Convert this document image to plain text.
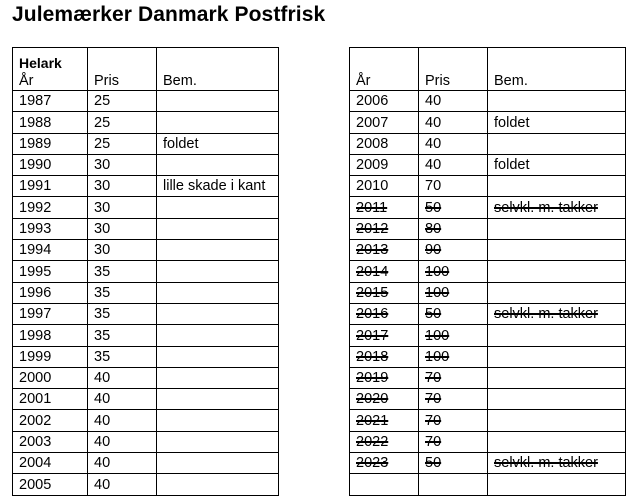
Julemærker Danmark Postfrisk
Helark
År	Pris	Bem.
1987	25	
1988	25	
1989	25	foldet
1990	30	
1991	30	lille skade i kant
1992	30	
1993	30	
1994	30	
1995	35	
1996	35	
1997	35	
1998	35	
1999	35	
2000	40	
2001	40	
2002	40	
2003	40	
2004	40	
2005	40	
År	Pris	Bem.
2006	40	
2007	40	foldet
2008	40	
2009	40	foldet
2010	70	
2011	50	selvkl. m. takker
2012	80	
2013	90	
2014	100	
2015	100	
2016	50	selvkl. m. takker
2017	100	
2018	100	
2019	70	
2020	70	
2021	70	
2022	70	
2023	50	selvkl. m. takker
